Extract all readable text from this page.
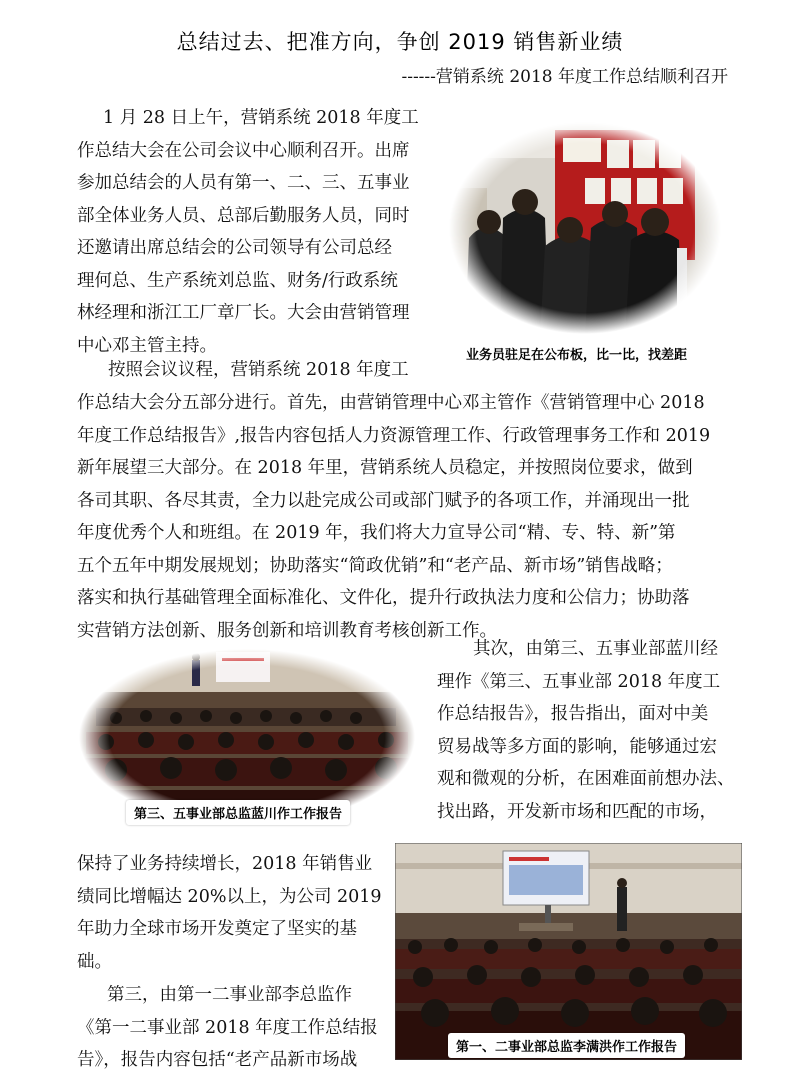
总结过去、把准方向，争创 2019 销售新业绩
------营销系统 2018 年度工作总结顺利召开
1 月 28 日上午，营销系统 2018 年度工
作总结大会在公司会议中心顺利召开。出席
参加总结会的人员有第一、二、三、五事业
部全体业务人员、总部后勤服务人员，同时
还邀请出席总结会的公司领导有公司总经
理何总、生产系统刘总监、财务/行政系统
林经理和浙江工厂章厂长。大会由营销管理
中心邓主管主持。
按照会议议程，营销系统 2018 年度工
作总结大会分五部分进行。首先，由营销管理中心邓主管作《营销管理中心 2018
年度工作总结报告》,报告内容包括人力资源管理工作、行政管理事务工作和 2019
新年展望三大部分。在 2018 年里，营销系统人员稳定，并按照岗位要求，做到
各司其职、各尽其责，全力以赴完成公司或部门赋予的各项工作，并涌现出一批
年度优秀个人和班组。在 2019 年，我们将大力宣导公司“精、专、特、新”第
五个五年中期发展规划；协助落实“简政优销”和“老产品、新市场”销售战略；
落实和执行基础管理全面标准化、文件化，提升行政执法力度和公信力；协助落
实营销方法创新、服务创新和培训教育考核创新工作。
其次，由第三、五事业部蓝川经
理作《第三、五事业部 2018 年度工
作总结报告》，报告指出，面对中美
贸易战等多方面的影响，能够通过宏
观和微观的分析，在困难面前想办法、
找出路，开发新市场和匹配的市场，
保持了业务持续增长，2018 年销售业
绩同比增幅达 20%以上，为公司 2019
年助力全球市场开发奠定了坚实的基
础。
第三，由第一二事业部李总监作
《第一二事业部 2018 年度工作总结报
告》，报告内容包括“老产品新市场战
业务员驻足在公布板，比一比，找差距
第三、五事业部总监蓝川作工作报告
第一、二事业部总监李满洪作工作报告
